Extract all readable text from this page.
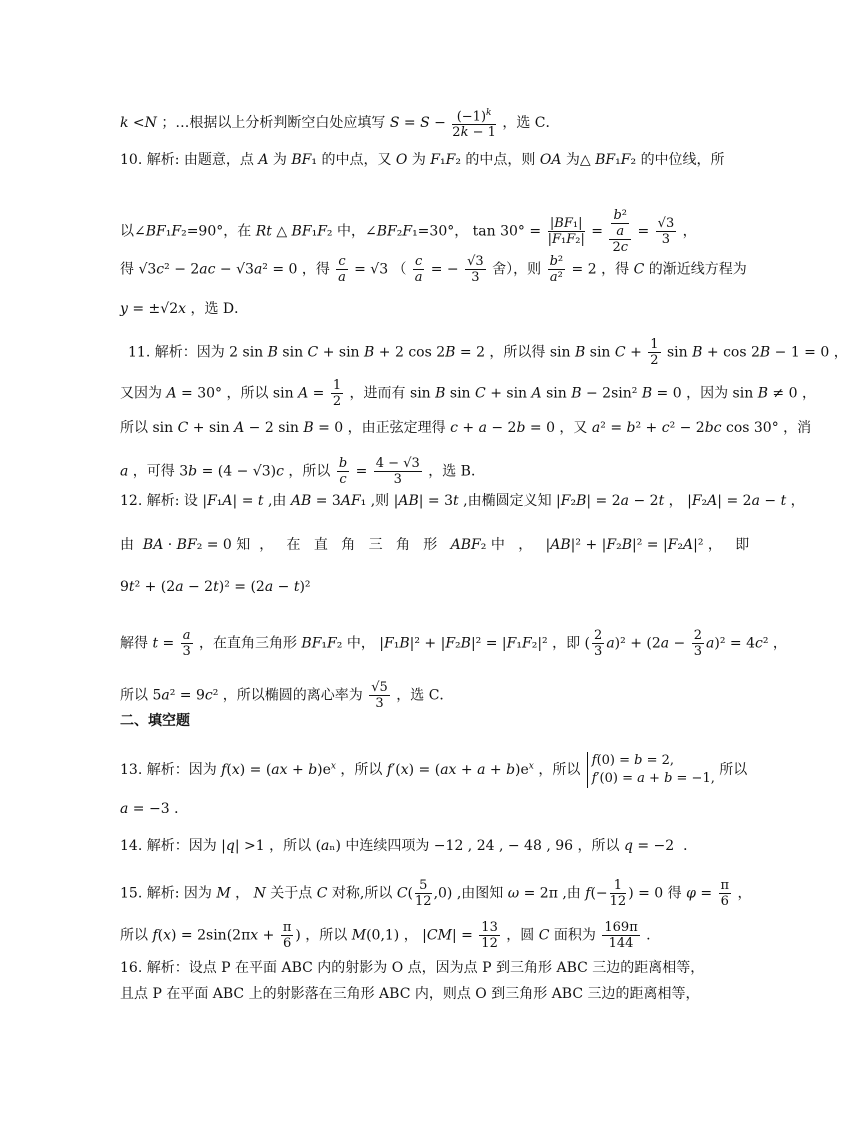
k <N ；…根据以上分析判断空白处应填写 $S = S - \frac{(-1)^k}{2k - 1}$ ，选 C．
10. 解析: 由题意，点 A 为 BF₁ 的中点，又 O 为 F₁F₂ 的中点，则 OA 为△ BF₁F₂ 的中位线，所
以∠BF₁F₂=90°，在 Rt △ BF₁F₂ 中，∠BF₂F₁=30°， $\tan 30^\circ = \frac{\text{|BF₁|}}{\text{|F₁F₂|}} = b^2$
a
$2c = \frac{√3}{3}$ ，
得 √3c² − 2ac − √3a² = 0 ，得 $\frac{c}{a} = √3$ （ $\frac{c}{a}$ = − $\frac{√3}{3}$ 舍），则 $\frac{\text{b²}}{\text{a²}} = 2$ ，得 C 的渐近线方程为
y = ±√2x ，选 D．
11. 解析：因为 2 sin B sin C + sin B + 2 cos 2B = 2 ，所以得 sin B $\sin C + \frac{1}{2}$ sin B + cos 2B − 1 = 0 ，
又因为 A = 30° ，所以 $\sin A = \frac{1}{2}$ ，进而有 sin B sin C + sin A sin B − 2sin² B = 0 ，因为 sin B ≠ 0 ，
所以 sin C + sin A − 2 sin B = 0 ，由正弦定理得 c + a − 2b = 0 ，又 a² = b² + c² − 2bc cos 30° ，消
a ，可得 3b = (4 − √3)c ，所以 $\frac{b}{c} = \frac{4 - √3}{3}$ ，选 B．
12. 解析: 设 |F₁A| = t ,由 AB = 3AF₁ ,则 |AB| = 3t ,由椭圆定义知 |F₂B| = 2a − 2t ， |F₂A| = 2a − t ，
由  BA · BF₂ = 0 知  ，   在   直   角   三   角   形   ABF₂ 中   ，   |AB|² + |F₂B|² = |F₂A|² ，   即
9t² + (2a − 2t)² = (2a − t)²
解得 $t = \frac{a}{3}$ ，在直角三角形 BF₁F₂ 中， |F₁B|² + |F₂B|² = |F₁F₂|² ，即 ( $\frac{2}{3} a)^2 + (2a - \frac{2}{3} a)^2 = 4c^2$ ，
所以 5a² = 9c² ，所以椭圆的离心率为 $\frac{√5}{3}$ ，选 C．
二、填空题
13. 解析：因为 $f(x) = (ax + b)e^x$ ，所以 $f'(x) = (ax + a + b)e^x$ ，所以
f(0) = b = 2,
f′(0) = a + b = −1,
所以
a = −3 ．
14. 解析：因为 |q| >1 ，所以 (aₙ) 中连续四项为 −12 , 24 , − 48 , 96 ，所以 q = −2  ．
15. 解析: 因为 M ， N 关于点 C 对称,所以 $C( \frac{5}{12} ,0)$ ,由图知 ω = 2π ,由 $f(- \frac{1}{12}$ ) = 0 得 $\varphi = \frac{\pi}{6}$ ，
所以 $f(x) = 2\sin(2\pi x + \frac{\pi}{6}$ ) ，所以 M(0,1) ， $|CM| = \frac{13}{12}$ ，圆 C 面积为 $\frac{169\pi}{144}$ .
16. 解析：设点 P 在平面 ABC 内的射影为 O 点，因为点 P 到三角形 ABC 三边的距离相等，
且点 P 在平面 ABC 上的射影落在三角形 ABC 内，则点 O 到三角形 ABC 三边的距离相等，
